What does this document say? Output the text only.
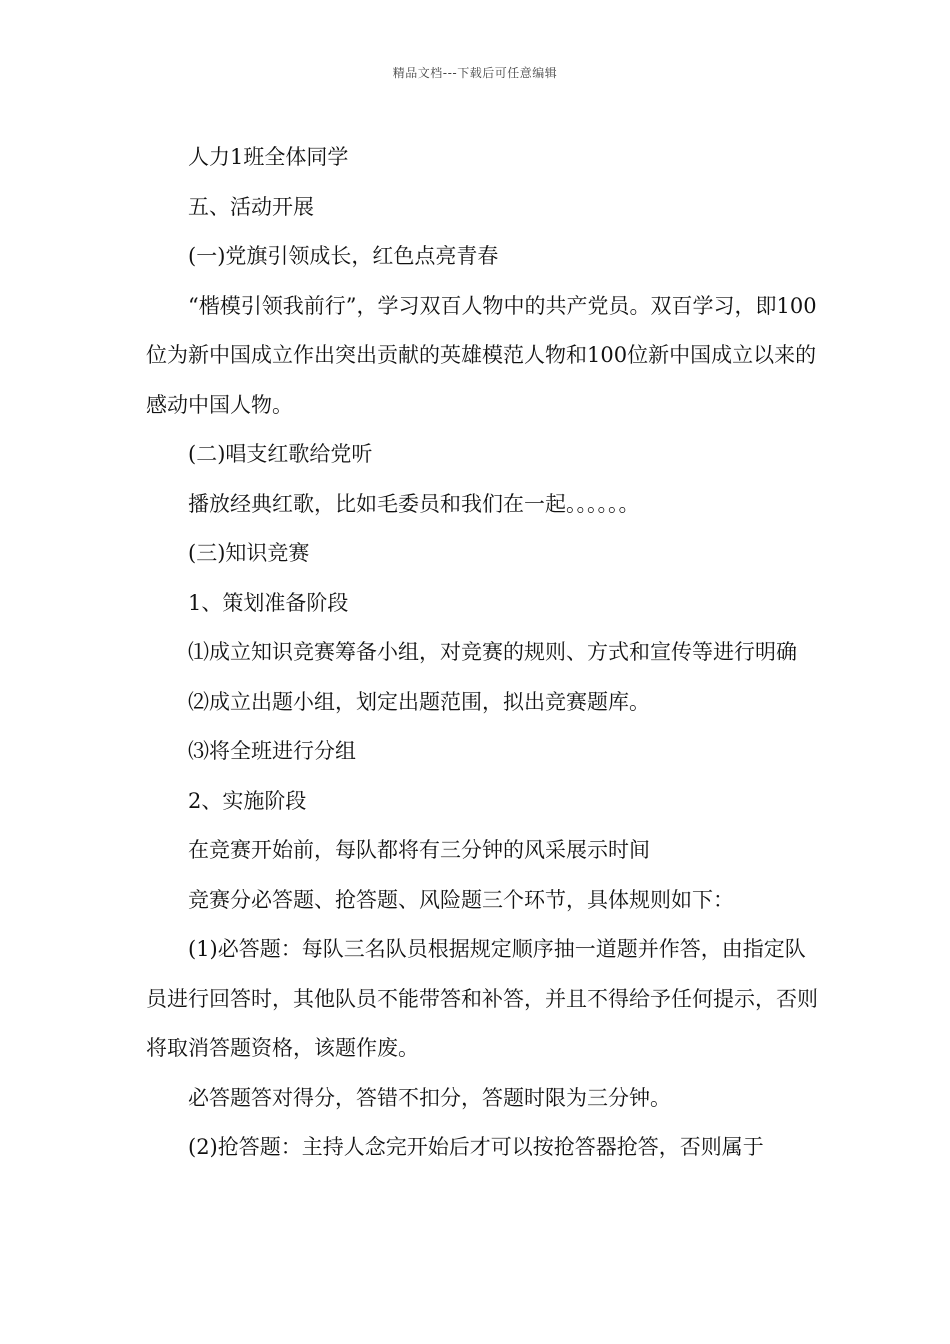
精品文档---下载后可任意编辑

人力1班全体同学

五、活动开展

(一)党旗引领成长，红色点亮青春

“楷模引领我前行”，学习双百人物中的共产党员。双百学习，即100位为新中国成立作出突出贡献的英雄模范人物和100位新中国成立以来的感动中国人物。

(二)唱支红歌给党听

播放经典红歌，比如毛委员和我们在一起。。。。。。

(三)知识竞赛

1、策划准备阶段

⑴成立知识竞赛筹备小组，对竞赛的规则、方式和宣传等进行明确

⑵成立出题小组，划定出题范围，拟出竞赛题库。

⑶将全班进行分组

2、实施阶段

在竞赛开始前，每队都将有三分钟的风采展示时间

竞赛分必答题、抢答题、风险题三个环节，具体规则如下：

(1)必答题：每队三名队员根据规定顺序抽一道题并作答，由指定队员进行回答时，其他队员不能带答和补答，并且不得给予任何提示，否则将取消答题资格，该题作废。

必答题答对得分，答错不扣分，答题时限为三分钟。

(2)抢答题：主持人念完开始后才可以按抢答器抢答，否则属于
